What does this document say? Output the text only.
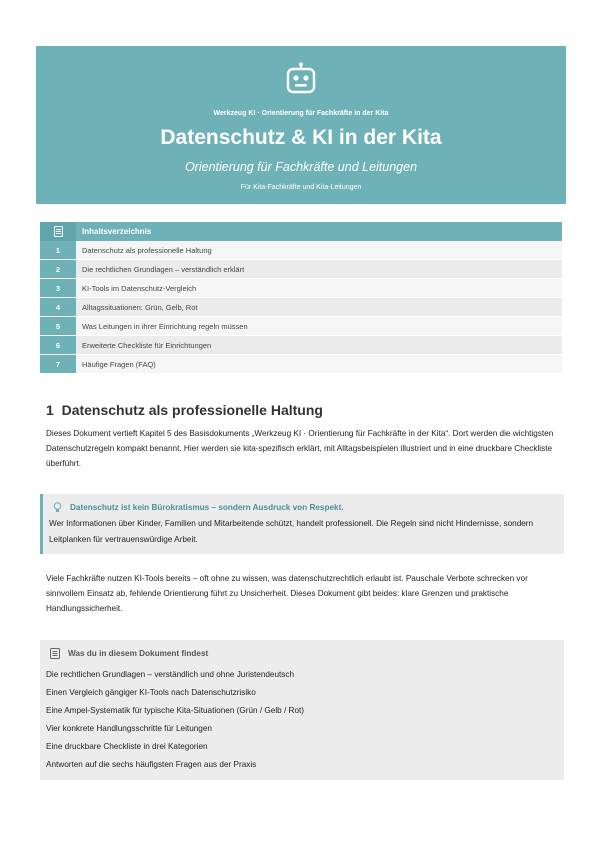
Werkzeug KI · Orientierung für Fachkräfte in der Kita
Datenschutz & KI in der Kita
Orientierung für Fachkräfte und Leitungen
Für Kita-Fachkräfte und Kita-Leitungen
Inhaltsverzeichnis
1	Datenschutz als professionelle Haltung
2	Die rechtlichen Grundlagen – verständlich erklärt
3	KI-Tools im Datenschutz-Vergleich
4	Alltagssituationen: Grün, Gelb, Rot
5	Was Leitungen in ihrer Einrichtung regeln müssen
6	Erweiterte Checkliste für Einrichtungen
7	Häufige Fragen (FAQ)
1 Datenschutz als professionelle Haltung
Dieses Dokument vertieft Kapitel 5 des Basisdokuments „Werkzeug KI · Orientierung für Fachkräfte in der Kita“. Dort werden die wichtigsten Datenschutzregeln kompakt benannt. Hier werden sie kita-spezifisch erklärt, mit Alltagsbeispielen illustriert und in eine druckbare Checkliste überführt.
Datenschutz ist kein Bürokratismus – sondern Ausdruck von Respekt.
Wer Informationen über Kinder, Familien und Mitarbeitende schützt, handelt professionell. Die Regeln sind nicht Hindernisse, sondern Leitplanken für vertrauenswürdige Arbeit.
Viele Fachkräfte nutzen KI-Tools bereits – oft ohne zu wissen, was datenschutzrechtlich erlaubt ist. Pauschale Verbote schrecken vor sinnvollem Einsatz ab, fehlende Orientierung führt zu Unsicherheit. Dieses Dokument gibt beides: klare Grenzen und praktische Handlungssicherheit.
Was du in diesem Dokument findest
Die rechtlichen Grundlagen – verständlich und ohne Juristendeutsch
Einen Vergleich gängiger KI-Tools nach Datenschutzrisiko
Eine Ampel-Systematik für typische Kita-Situationen (Grün / Gelb / Rot)
Vier konkrete Handlungsschritte für Leitungen
Eine druckbare Checkliste in drei Kategorien
Antworten auf die sechs häufigsten Fragen aus der Praxis
